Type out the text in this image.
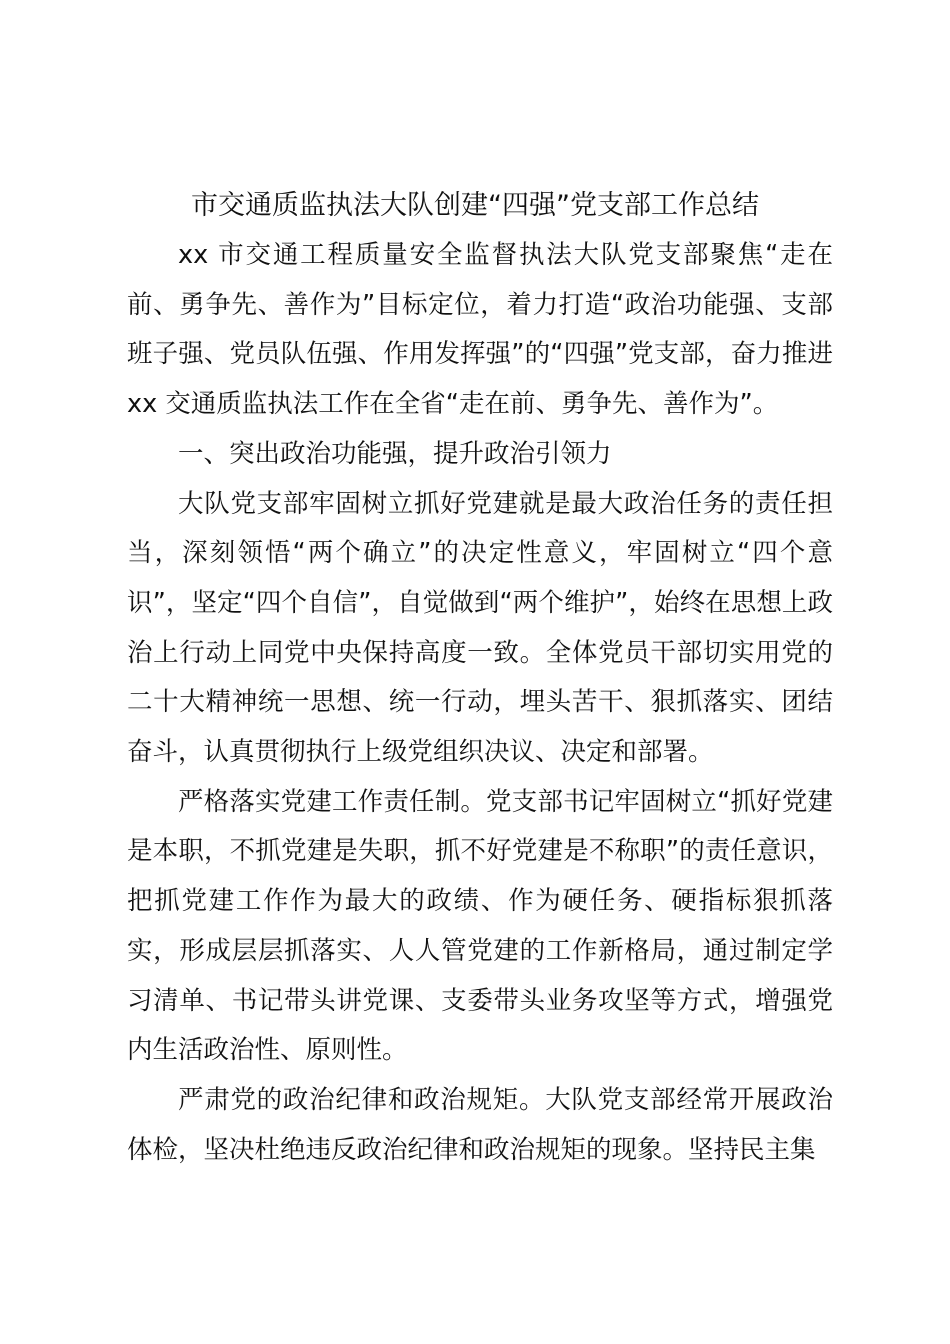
市交通质监执法大队创建“四强”党支部工作总结

xx 市交通工程质量安全监督执法大队党支部聚焦“走在前、勇争先、善作为”目标定位，着力打造“政治功能强、支部班子强、党员队伍强、作用发挥强”的“四强”党支部，奋力推进 xx 交通质监执法工作在全省“走在前、勇争先、善作为”。

一、突出政治功能强，提升政治引领力

大队党支部牢固树立抓好党建就是最大政治任务的责任担当，深刻领悟“两个确立”的决定性意义，牢固树立“四个意识”，坚定“四个自信”，自觉做到“两个维护”，始终在思想上政治上行动上同党中央保持高度一致。全体党员干部切实用党的二十大精神统一思想、统一行动，埋头苦干、狠抓落实、团结奋斗，认真贯彻执行上级党组织决议、决定和部署。

严格落实党建工作责任制。党支部书记牢固树立“抓好党建是本职，不抓党建是失职，抓不好党建是不称职”的责任意识，把抓党建工作作为最大的政绩、作为硬任务、硬指标狠抓落实，形成层层抓落实、人人管党建的工作新格局，通过制定学习清单、书记带头讲党课、支委带头业务攻坚等方式，增强党内生活政治性、原则性。

严肃党的政治纪律和政治规矩。大队党支部经常开展政治体检，坚决杜绝违反政治纪律和政治规矩的现象。坚持民主集
